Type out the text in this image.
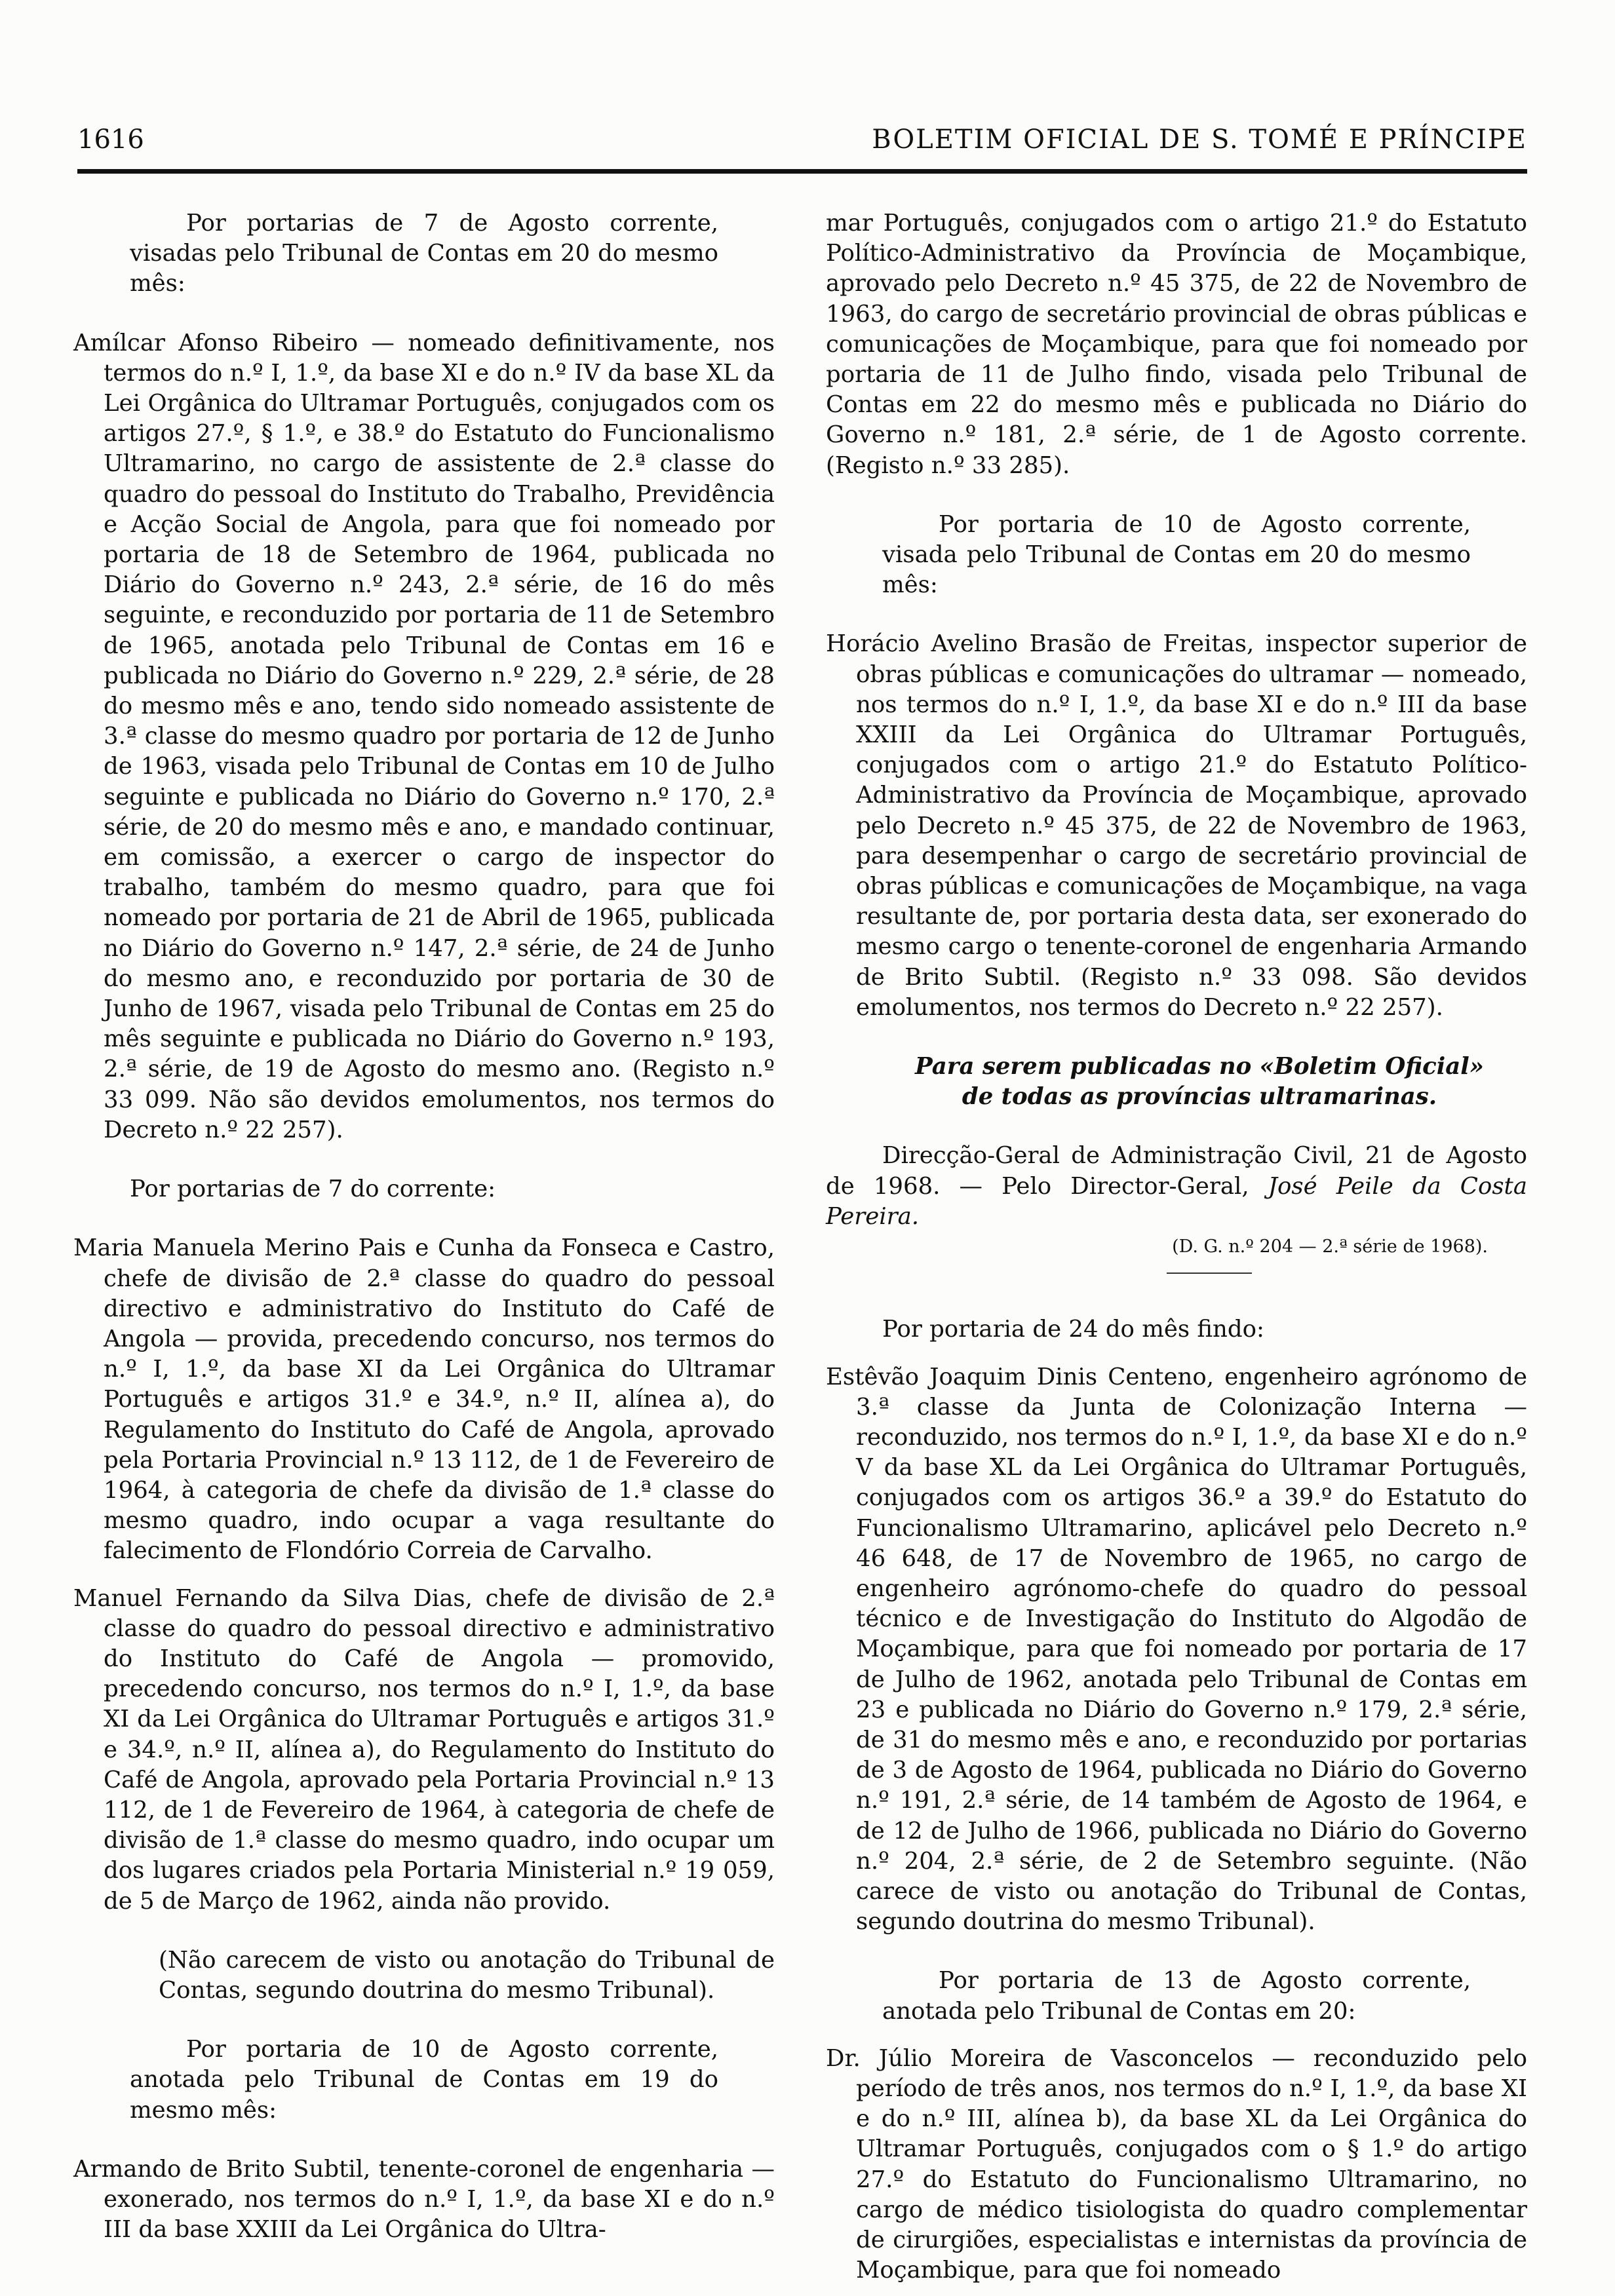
1616	BOLETIM OFICIAL DE S. TOMÉ E PRÍNCIPE

Por portarias de 7 de Agosto corrente, visadas pelo Tribunal de Contas em 20 do mesmo mês:

Amílcar Afonso Ribeiro — nomeado definitivamente, nos termos do n.º I, 1.º, da base XI e do n.º IV da base XL da Lei Orgânica do Ultramar Português, conjugados com os artigos 27.º, § 1.º, e 38.º do Estatuto do Funcionalismo Ultramarino, no cargo de assistente de 2.ª classe do quadro do pessoal do Instituto do Trabalho, Previdência e Acção Social de Angola, para que foi nomeado por portaria de 18 de Setembro de 1964, publicada no Diário do Governo n.º 243, 2.ª série, de 16 do mês seguinte, e reconduzido por portaria de 11 de Setembro de 1965, anotada pelo Tribunal de Contas em 16 e publicada no Diário do Governo n.º 229, 2.ª série, de 28 do mesmo mês e ano, tendo sido nomeado assistente de 3.ª classe do mesmo quadro por portaria de 12 de Junho de 1963, visada pelo Tribunal de Contas em 10 de Julho seguinte e publicada no Diário do Governo n.º 170, 2.ª série, de 20 do mesmo mês e ano, e mandado continuar, em comissão, a exercer o cargo de inspector do trabalho, também do mesmo quadro, para que foi nomeado por portaria de 21 de Abril de 1965, publicada no Diário do Governo n.º 147, 2.ª série, de 24 de Junho do mesmo ano, e reconduzido por portaria de 30 de Junho de 1967, visada pelo Tribunal de Contas em 25 do mês seguinte e publicada no Diário do Governo n.º 193, 2.ª série, de 19 de Agosto do mesmo ano. (Registo n.º 33 099. Não são devidos emolumentos, nos termos do Decreto n.º 22 257).

Por portarias de 7 do corrente:

Maria Manuela Merino Pais e Cunha da Fonseca e Castro, chefe de divisão de 2.ª classe do quadro do pessoal directivo e administrativo do Instituto do Café de Angola — provida, precedendo concurso, nos termos do n.º I, 1.º, da base XI da Lei Orgânica do Ultramar Português e artigos 31.º e 34.º, n.º II, alínea a), do Regulamento do Instituto do Café de Angola, aprovado pela Portaria Provincial n.º 13 112, de 1 de Fevereiro de 1964, à categoria de chefe da divisão de 1.ª classe do mesmo quadro, indo ocupar a vaga resultante do falecimento de Flondório Correia de Carvalho.

Manuel Fernando da Silva Dias, chefe de divisão de 2.ª classe do quadro do pessoal directivo e administrativo do Instituto do Café de Angola — promovido, precedendo concurso, nos termos do n.º I, 1.º, da base XI da Lei Orgânica do Ultramar Português e artigos 31.º e 34.º, n.º II, alínea a), do Regulamento do Instituto do Café de Angola, aprovado pela Portaria Provincial n.º 13 112, de 1 de Fevereiro de 1964, à categoria de chefe de divisão de 1.ª classe do mesmo quadro, indo ocupar um dos lugares criados pela Portaria Ministerial n.º 19 059, de 5 de Março de 1962, ainda não provido.

(Não carecem de visto ou anotação do Tribunal de Contas, segundo doutrina do mesmo Tribunal).

Por portaria de 10 de Agosto corrente, anotada pelo Tribunal de Contas em 19 do mesmo mês:

Armando de Brito Subtil, tenente-coronel de engenharia — exonerado, nos termos do n.º I, 1.º, da base XI e do n.º III da base XXIII da Lei Orgânica do Ultra-

mar Português, conjugados com o artigo 21.º do Estatuto Político-Administrativo da Província de Moçambique, aprovado pelo Decreto n.º 45 375, de 22 de Novembro de 1963, do cargo de secretário provincial de obras públicas e comunicações de Moçambique, para que foi nomeado por portaria de 11 de Julho findo, visada pelo Tribunal de Contas em 22 do mesmo mês e publicada no Diário do Governo n.º 181, 2.ª série, de 1 de Agosto corrente. (Registo n.º 33 285).

Por portaria de 10 de Agosto corrente, visada pelo Tribunal de Contas em 20 do mesmo mês:

Horácio Avelino Brasão de Freitas, inspector superior de obras públicas e comunicações do ultramar — nomeado, nos termos do n.º I, 1.º, da base XI e do n.º III da base XXIII da Lei Orgânica do Ultramar Português, conjugados com o artigo 21.º do Estatuto Político-Administrativo da Província de Moçambique, aprovado pelo Decreto n.º 45 375, de 22 de Novembro de 1963, para desempenhar o cargo de secretário provincial de obras públicas e comunicações de Moçambique, na vaga resultante de, por portaria desta data, ser exonerado do mesmo cargo o tenente-coronel de engenharia Armando de Brito Subtil. (Registo n.º 33 098. São devidos emolumentos, nos termos do Decreto n.º 22 257).

Para serem publicadas no «Boletim Oficial» de todas as províncias ultramarinas.

Direcção-Geral de Administração Civil, 21 de Agosto de 1968. — Pelo Director-Geral, José Peile da Costa Pereira.

(D. G. n.º 204 — 2.ª série de 1968).

Por portaria de 24 do mês findo:

Estêvão Joaquim Dinis Centeno, engenheiro agrónomo de 3.ª classe da Junta de Colonização Interna — reconduzido, nos termos do n.º I, 1.º, da base XI e do n.º V da base XL da Lei Orgânica do Ultramar Português, conjugados com os artigos 36.º a 39.º do Estatuto do Funcionalismo Ultramarino, aplicável pelo Decreto n.º 46 648, de 17 de Novembro de 1965, no cargo de engenheiro agrónomo-chefe do quadro do pessoal técnico e de Investigação do Instituto do Algodão de Moçambique, para que foi nomeado por portaria de 17 de Julho de 1962, anotada pelo Tribunal de Contas em 23 e publicada no Diário do Governo n.º 179, 2.ª série, de 31 do mesmo mês e ano, e reconduzido por portarias de 3 de Agosto de 1964, publicada no Diário do Governo n.º 191, 2.ª série, de 14 também de Agosto de 1964, e de 12 de Julho de 1966, publicada no Diário do Governo n.º 204, 2.ª série, de 2 de Setembro seguinte. (Não carece de visto ou anotação do Tribunal de Contas, segundo doutrina do mesmo Tribunal).

Por portaria de 13 de Agosto corrente, anotada pelo Tribunal de Contas em 20:

Dr. Júlio Moreira de Vasconcelos — reconduzido pelo período de três anos, nos termos do n.º I, 1.º, da base XI e do n.º III, alínea b), da base XL da Lei Orgânica do Ultramar Português, conjugados com o § 1.º do artigo 27.º do Estatuto do Funcionalismo Ultramarino, no cargo de médico tisiologista do quadro complementar de cirurgiões, especialistas e internistas da província de Moçambique, para que foi nomeado
